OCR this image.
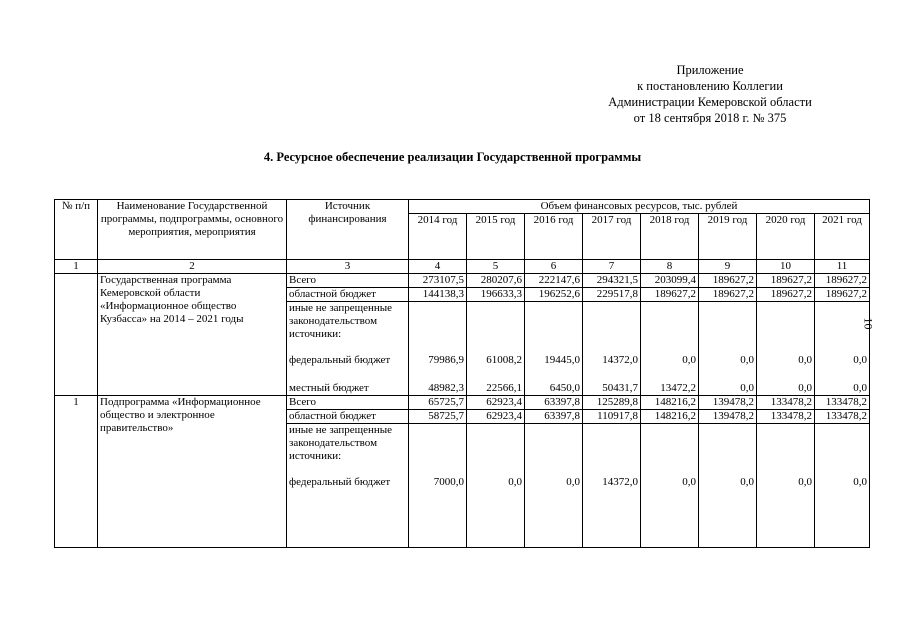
Приложение
к постановлению Коллегии
Администрации Кемеровской области
от 18 сентября 2018 г. № 375
4. Ресурсное обеспечение реализации Государственной программы
10
№ п/п	Наименование Государственной программы, подпрограммы, основного мероприятия, мероприятия	Источник финансирования	Объем финансовых ресурсов, тыс. рублей							
			2014 год	2015 год	2016 год	2017 год	2018 год	2019 год	2020 год	2021 год
1	2	3	4	5	6	7	8	9	10	11
	Государственная программа Кемеровской области «Информационное общество Кузбасса» на 2014 – 2021 годы	Всего	273107,5	280207,6	222147,6	294321,5	203099,4	189627,2	189627,2	189627,2
		областной бюджет	144138,3	196633,3	196252,6	229517,8	189627,2	189627,2	189627,2	189627,2
		иные не запрещенные законодательством источники:								
		федеральный бюджет	79986,9	61008,2	19445,0	14372,0	0,0	0,0	0,0	0,0
		местный бюджет	48982,3	22566,1	6450,0	50431,7	13472,2	0,0	0,0	0,0
1	Подпрограмма «Информационное общество и электронное правительство»	Всего	65725,7	62923,4	63397,8	125289,8	148216,2	139478,2	133478,2	133478,2
		областной бюджет	58725,7	62923,4	63397,8	110917,8	148216,2	139478,2	133478,2	133478,2
		иные не запрещенные законодательством источники:								
		федеральный бюджет	7000,0	0,0	0,0	14372,0	0,0	0,0	0,0	0,0
